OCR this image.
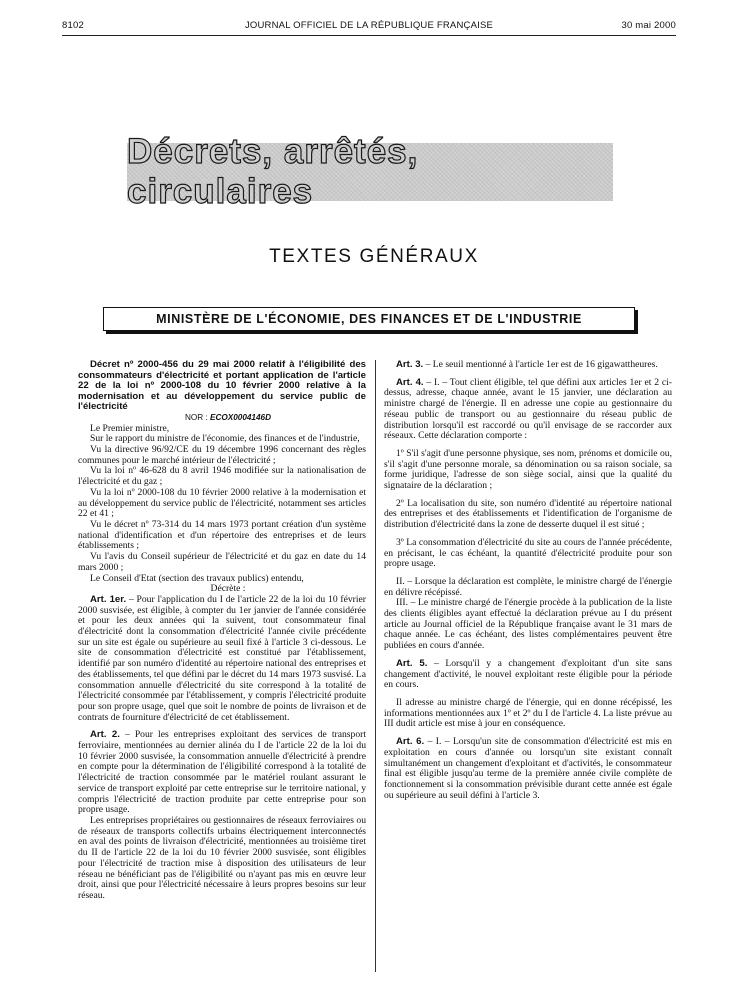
8102	JOURNAL OFFICIEL DE LA RÉPUBLIQUE FRANÇAISE	30 mai 2000
Décrets, arrêtés, circulaires
TEXTES GÉNÉRAUX
MINISTÈRE DE L'ÉCONOMIE, DES FINANCES ET DE L'INDUSTRIE

Décret nº 2000-456 du 29 mai 2000 relatif à l'éligibilité des consommateurs d'électricité et portant application de l'article 22 de la loi nº 2000-108 du 10 février 2000 relative à la modernisation et au développement du service public de l'électricité

NOR : ECOX0004146D

Le Premier ministre,

Sur le rapport du ministre de l'économie, des finances et de l'industrie,

Vu la directive 96/92/CE du 19 décembre 1996 concernant des règles communes pour le marché intérieur de l'électricité ;

Vu la loi nº 46-628 du 8 avril 1946 modifiée sur la nationalisation de l'électricité et du gaz ;

Vu la loi nº 2000-108 du 10 février 2000 relative à la modernisation et au développement du service public de l'électricité, notamment ses articles 22 et 41 ;

Vu le décret nº 73-314 du 14 mars 1973 portant création d'un système national d'identification et d'un répertoire des entreprises et de leurs établissements ;

Vu l'avis du Conseil supérieur de l'électricité et du gaz en date du 14 mars 2000 ;

Le Conseil d'Etat (section des travaux publics) entendu,

Décrète :

Art. 1er. – Pour l'application du I de l'article 22 de la loi du 10 février 2000 susvisée, est éligible, à compter du 1er janvier de l'année considérée et pour les deux années qui la suivent, tout consommateur final d'électricité dont la consommation d'électricité l'année civile précédente sur un site est égale ou supérieure au seuil fixé à l'article 3 ci-dessous. Le site de consommation d'électricité est constitué par l'établissement, identifié par son numéro d'identité au répertoire national des entreprises et des établissements, tel que défini par le décret du 14 mars 1973 susvisé. La consommation annuelle d'électricité du site correspond à la totalité de l'électricité consommée par l'établissement, y compris l'électricité produite pour son propre usage, quel que soit le nombre de points de livraison et de contrats de fourniture d'électricité de cet établissement.

Art. 2. – Pour les entreprises exploitant des services de transport ferroviaire, mentionnées au dernier alinéa du I de l'article 22 de la loi du 10 février 2000 susvisée, la consommation annuelle d'électricité à prendre en compte pour la détermination de l'éligibilité correspond à la totalité de l'électricité de traction consommée par le matériel roulant assurant le service de transport exploité par cette entreprise sur le territoire national, y compris l'électricité de traction produite par cette entreprise pour son propre usage.

Les entreprises propriétaires ou gestionnaires de réseaux ferroviaires ou de réseaux de transports collectifs urbains électriquement interconnectés en aval des points de livraison d'électricité, mentionnées au troisième tiret du II de l'article 22 de la loi du 10 février 2000 susvisée, sont éligibles pour l'électricité de traction mise à disposition des utilisateurs de leur réseau ne bénéficiant pas de l'éligibilité ou n'ayant pas mis en œuvre leur droit, ainsi que pour l'électricité nécessaire à leurs propres besoins sur leur réseau.

Art. 3. – Le seuil mentionné à l'article 1er est de 16 gigawattheures.

Art. 4. – I. – Tout client éligible, tel que défini aux articles 1er et 2 ci-dessus, adresse, chaque année, avant le 15 janvier, une déclaration au ministre chargé de l'énergie. Il en adresse une copie au gestionnaire du réseau public de transport ou au gestionnaire du réseau public de distribution lorsqu'il est raccordé ou qu'il envisage de se raccorder aux réseaux. Cette déclaration comporte :

1º S'il s'agit d'une personne physique, ses nom, prénoms et domicile ou, s'il s'agit d'une personne morale, sa dénomination ou sa raison sociale, sa forme juridique, l'adresse de son siège social, ainsi que la qualité du signataire de la déclaration ;

2º La localisation du site, son numéro d'identité au répertoire national des entreprises et des établissements et l'identification de l'organisme de distribution d'électricité dans la zone de desserte duquel il est situé ;

3º La consommation d'électricité du site au cours de l'année précédente, en précisant, le cas échéant, la quantité d'électricité produite pour son propre usage.

II. – Lorsque la déclaration est complète, le ministre chargé de l'énergie en délivre récépissé.

III. – Le ministre chargé de l'énergie procède à la publication de la liste des clients éligibles ayant effectué la déclaration prévue au I du présent article au Journal officiel de la République française avant le 31 mars de chaque année. Le cas échéant, des listes complémentaires peuvent être publiées en cours d'année.

Art. 5. – Lorsqu'il y a changement d'exploitant d'un site sans changement d'activité, le nouvel exploitant reste éligible pour la période en cours.

Il adresse au ministre chargé de l'énergie, qui en donne récépissé, les informations mentionnées aux 1º et 2º du I de l'article 4. La liste prévue au III dudit article est mise à jour en conséquence.

Art. 6. – I. – Lorsqu'un site de consommation d'électricité est mis en exploitation en cours d'année ou lorsqu'un site existant connaît simultanément un changement d'exploitant et d'activités, le consommateur final est éligible jusqu'au terme de la première année civile complète de fonctionnement si la consommation prévisible durant cette année est égale ou supérieure au seuil défini à l'article 3.
